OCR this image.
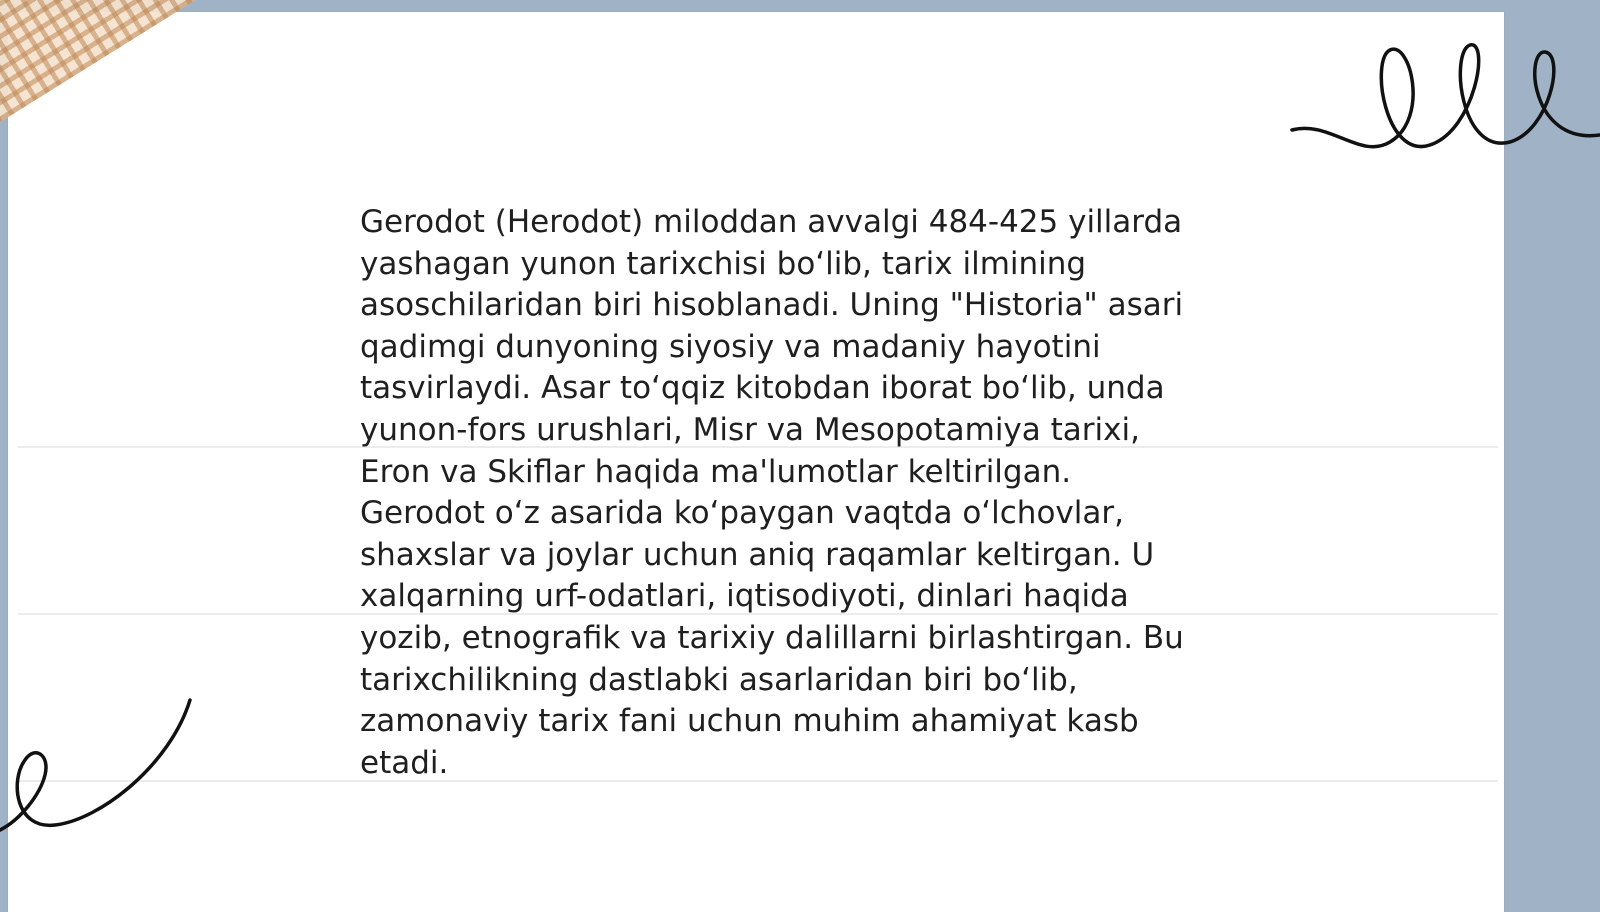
Gerodot (Herodot) miloddan avvalgi 484-425 yillarda
yashagan yunon tarixchisi bo‘lib, tarix ilmining
asoschilaridan biri hisoblanadi. Uning "Historia" asari
qadimgi dunyoning siyosiy va madaniy hayotini
tasvirlaydi. Asar to‘qqiz kitobdan iborat bo‘lib, unda
yunon-fors urushlari, Misr va Mesopotamiya tarixi,
Eron va Skiflar haqida ma'lumotlar keltirilgan.
Gerodot o‘z asarida ko‘paygan vaqtda o‘lchovlar,
shaxslar va joylar uchun aniq raqamlar keltirgan. U
xalqarning urf-odatlari, iqtisodiyoti, dinlari haqida
yozib, etnografik va tarixiy dalillarni birlashtirgan. Bu
tarixchilikning dastlabki asarlaridan biri bo‘lib,
zamonaviy tarix fani uchun muhim ahamiyat kasb
etadi.
